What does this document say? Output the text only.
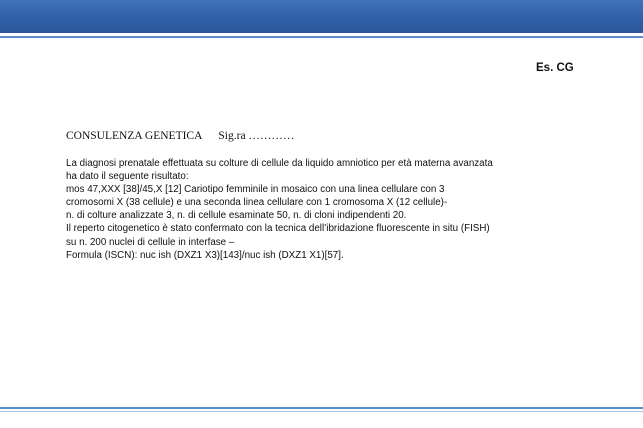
Es. CG
CONSULENZA GENETICA Sig.ra …………
La diagnosi prenatale effettuata su colture di cellule da liquido amniotico per età materna avanzata
ha dato il seguente risultato:
mos 47,XXX [38]/45,X [12] Cariotipo femminile in mosaico con una linea cellulare con 3
cromosomi X (38 cellule) e una seconda linea cellulare con 1 cromosoma X (12 cellule)-
n. di colture analizzate 3, n. di cellule esaminate 50, n. di cloni indipendenti 20.
Il reperto citogenetico è stato confermato con la tecnica dell’ibridazione fluorescente in situ (FISH)
su n. 200 nuclei di cellule in interfase –
Formula (ISCN): nuc ish (DXZ1 X3)[143]/nuc ish (DXZ1 X1)[57].
